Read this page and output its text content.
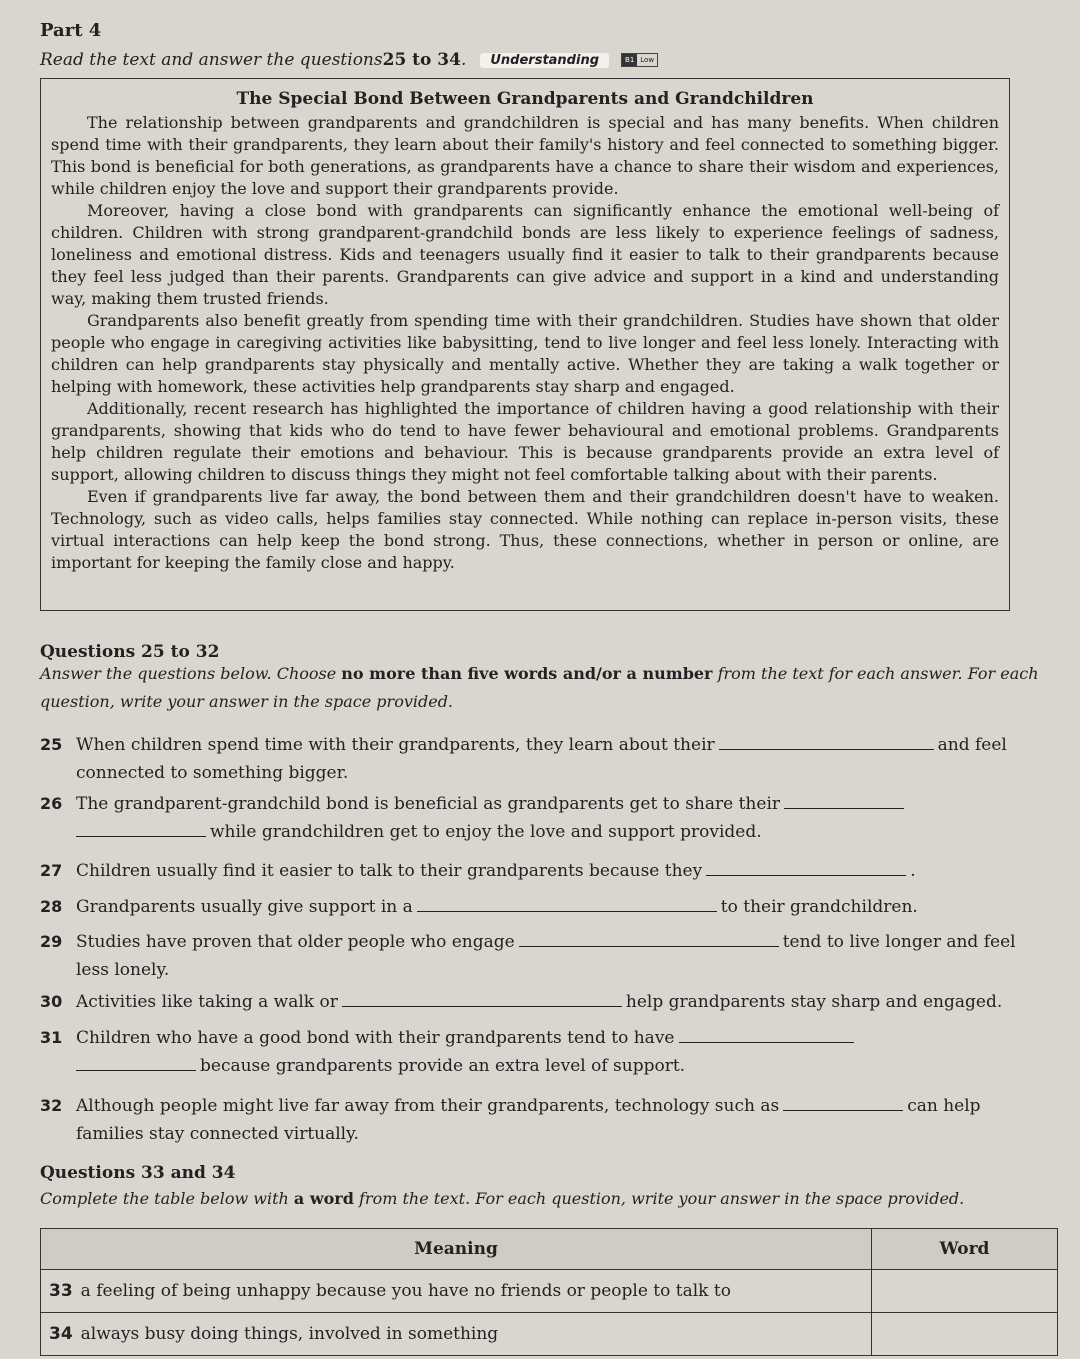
Part 4
Read the text and answer the questions 25 to 34 .	Understanding	B1 Low
The Special Bond Between Grandparents and Grandchildren

The relationship between grandparents and grandchildren is special and has many benefits. When children spend time with their grandparents, they learn about their family's history and feel connected to something bigger. This bond is beneficial for both generations, as grandparents have a chance to share their wisdom and experiences, while children enjoy the love and support their grandparents provide.

Moreover, having a close bond with grandparents can significantly enhance the emotional well-being of children. Children with strong grandparent-grandchild bonds are less likely to experience feelings of sadness, loneliness and emotional distress. Kids and teenagers usually find it easier to talk to their grandparents because they feel less judged than their parents. Grandparents can give advice and support in a kind and understanding way, making them trusted friends.

Grandparents also benefit greatly from spending time with their grandchildren. Studies have shown that older people who engage in caregiving activities like babysitting, tend to live longer and feel less lonely. Interacting with children can help grandparents stay physically and mentally active. Whether they are taking a walk together or helping with homework, these activities help grandparents stay sharp and engaged.

Additionally, recent research has highlighted the importance of children having a good relationship with their grandparents, showing that kids who do tend to have fewer behavioural and emotional problems. Grandparents help children regulate their emotions and behaviour. This is because grandparents provide an extra level of support, allowing children to discuss things they might not feel comfortable talking about with their parents.

Even if grandparents live far away, the bond between them and their grandchildren doesn't have to weaken. Technology, such as video calls, helps families stay connected. While nothing can replace in-person visits, these virtual interactions can help keep the bond strong. Thus, these connections, whether in person or online, are important for keeping the family close and happy.

Questions 25 to 32
Answer the questions below. Choose no more than five words and/or a number from the text for each answer. For each question, write your answer in the space provided.
25 When children spend time with their grandparents, they learn about their	and feel
connected to something bigger.
26 The grandparent-grandchild bond is beneficial as grandparents get to share their
while grandchildren get to enjoy the love and support provided.
27 Children usually find it easier to talk to their grandparents because they	.
28 Grandparents usually give support in a	to their grandchildren.
29 Studies have proven that older people who engage	tend to live longer and feel
less lonely.
30 Activities like taking a walk or	help grandparents stay sharp and engaged.
31 Children who have a good bond with their grandparents tend to have
because grandparents provide an extra level of support.
32 Although people might live far away from their grandparents, technology such as	can help
families stay connected virtually.
Questions 33 and 34
Complete the table below with a word from the text. For each question, write your answer in the space provided.
Meaning	Word
33 a feeling of being unhappy because you have no friends or people to talk to	
34 always busy doing things, involved in something	
